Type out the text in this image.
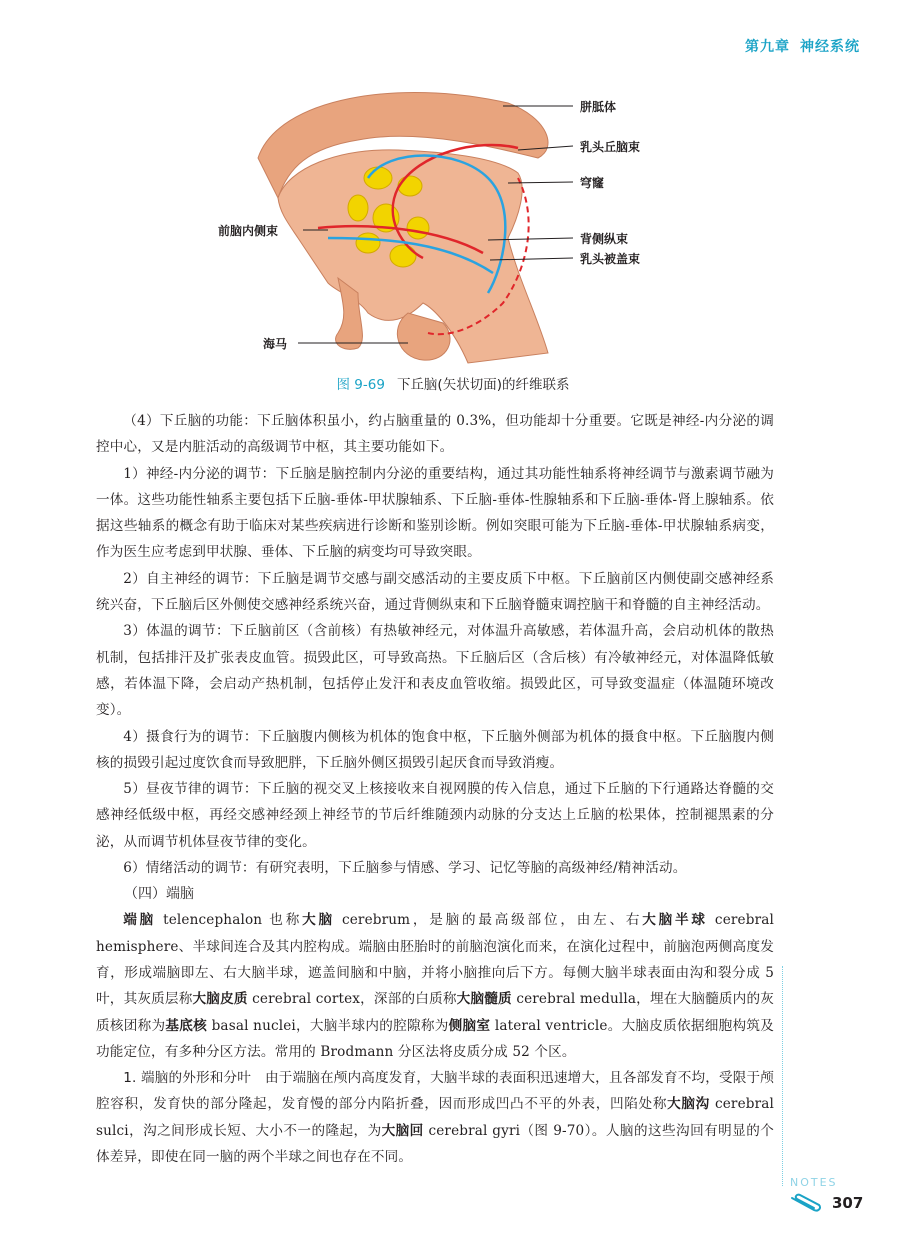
第九章 神经系统
胼胝体
乳头丘脑束
穹窿
前脑内侧束
背侧纵束
乳头被盖束
海马
图 9-69 下丘脑(矢状切面)的纤维联系

（4）下丘脑的功能：下丘脑体积虽小，约占脑重量的 0.3%，但功能却十分重要。它既是神经-内分泌的调控中心，又是内脏活动的高级调节中枢，其主要功能如下。

1）神经-内分泌的调节：下丘脑是脑控制内分泌的重要结构，通过其功能性轴系将神经调节与激素调节融为一体。这些功能性轴系主要包括下丘脑-垂体-甲状腺轴系、下丘脑-垂体-性腺轴系和下丘脑-垂体-肾上腺轴系。依据这些轴系的概念有助于临床对某些疾病进行诊断和鉴别诊断。例如突眼可能为下丘脑-垂体-甲状腺轴系病变，作为医生应考虑到甲状腺、垂体、下丘脑的病变均可导致突眼。

2）自主神经的调节：下丘脑是调节交感与副交感活动的主要皮质下中枢。下丘脑前区内侧使副交感神经系统兴奋，下丘脑后区外侧使交感神经系统兴奋，通过背侧纵束和下丘脑脊髓束调控脑干和脊髓的自主神经活动。

3）体温的调节：下丘脑前区（含前核）有热敏神经元，对体温升高敏感，若体温升高，会启动机体的散热机制，包括排汗及扩张表皮血管。损毁此区，可导致高热。下丘脑后区（含后核）有冷敏神经元，对体温降低敏感，若体温下降，会启动产热机制，包括停止发汗和表皮血管收缩。损毁此区，可导致变温症（体温随环境改变）。

4）摄食行为的调节：下丘脑腹内侧核为机体的饱食中枢，下丘脑外侧部为机体的摄食中枢。下丘脑腹内侧核的损毁引起过度饮食而导致肥胖，下丘脑外侧区损毁引起厌食而导致消瘦。

5）昼夜节律的调节：下丘脑的视交叉上核接收来自视网膜的传入信息，通过下丘脑的下行通路达脊髓的交感神经低级中枢，再经交感神经颈上神经节的节后纤维随颈内动脉的分支达上丘脑的松果体，控制褪黑素的分泌，从而调节机体昼夜节律的变化。

6）情绪活动的调节：有研究表明，下丘脑参与情感、学习、记忆等脑的高级神经/精神活动。

（四）端脑

端脑 telencephalon 也称大脑 cerebrum，是脑的最高级部位，由左、右大脑半球 cerebral hemisphere、半球间连合及其内腔构成。端脑由胚胎时的前脑泡演化而来，在演化过程中，前脑泡两侧高度发育，形成端脑即左、右大脑半球，遮盖间脑和中脑，并将小脑推向后下方。每侧大脑半球表面由沟和裂分成 5 叶，其灰质层称大脑皮质 cerebral cortex，深部的白质称大脑髓质 cerebral medulla，埋在大脑髓质内的灰质核团称为基底核 basal nuclei，大脑半球内的腔隙称为侧脑室 lateral ventricle。大脑皮质依据细胞构筑及功能定位，有多种分区方法。常用的 Brodmann 分区法将皮质分成 52 个区。

1. 端脑的外形和分叶 由于端脑在颅内高度发育，大脑半球的表面积迅速增大，且各部发育不均，受限于颅腔容积，发育快的部分隆起，发育慢的部分内陷折叠，因而形成凹凸不平的外表，凹陷处称大脑沟 cerebral sulci，沟之间形成长短、大小不一的隆起，为大脑回 cerebral gyri（图 9-70）。人脑的这些沟回有明显的个体差异，即使在同一脑的两个半球之间也存在不同。

NOTES
307
